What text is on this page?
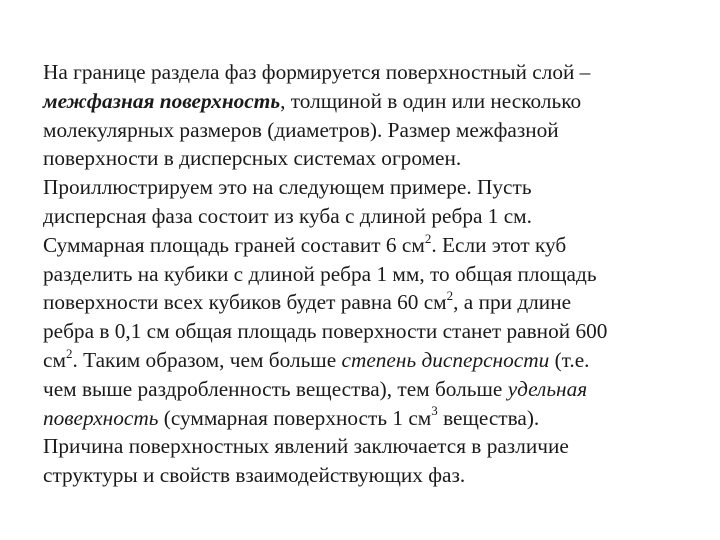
На границе раздела фаз формируется поверхностный слой –
межфазная поверхность, толщиной в один или несколько
молекулярных размеров (диаметров). Размер межфазной
поверхности в дисперсных системах огромен.
Проиллюстрируем это на следующем примере. Пусть
дисперсная фаза состоит из куба с длиной ребра 1 см.
Суммарная площадь граней составит 6 $см^2$. Если этот куб
разделить на кубики с длиной ребра 1 мм, то общая площадь
поверхности всех кубиков будет равна 60 $см^2$, а при длине
ребра в 0,1 см общая площадь поверхности станет равной 600
$см^2$. Таким образом, чем больше степень дисперсности (т.е.
чем выше раздробленность вещества), тем больше удельная
поверхность (суммарная поверхность 1 $см^3$ вещества).
Причина поверхностных явлений заключается в различие
структуры и свойств взаимодействующих фаз.
